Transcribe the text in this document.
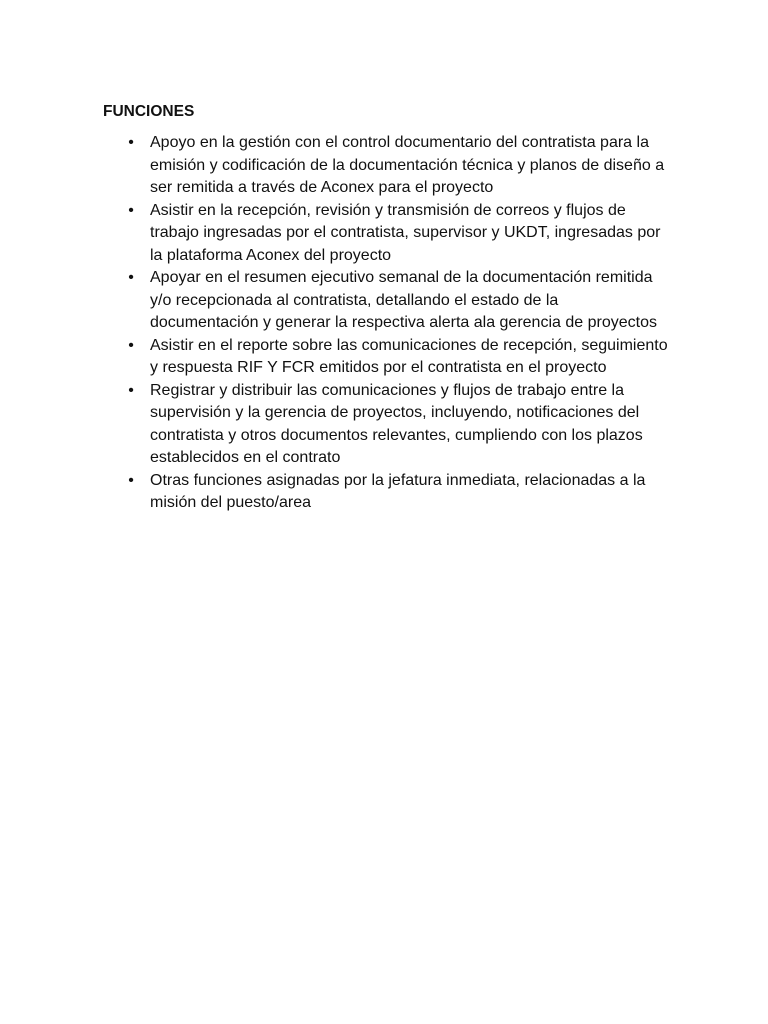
FUNCIONES
• Apoyo en la gestión con el control documentario del contratista para la emisión y codificación de la documentación técnica y planos de diseño a ser remitida a través de Aconex para el proyecto
• Asistir en la recepción, revisión y transmisión de correos y flujos de trabajo ingresadas por el contratista, supervisor y UKDT, ingresadas por la plataforma Aconex del proyecto
• Apoyar en el resumen ejecutivo semanal de la documentación remitida y/o recepcionada al contratista, detallando el estado de la documentación y generar la respectiva alerta ala gerencia de proyectos
• Asistir en el reporte sobre las comunicaciones de recepción, seguimiento y respuesta RIF Y FCR emitidos por el contratista en el proyecto
• Registrar y distribuir las comunicaciones y flujos de trabajo entre la supervisión y la gerencia de proyectos, incluyendo, notificaciones del contratista y otros documentos relevantes, cumpliendo con los plazos establecidos en el contrato
• Otras funciones asignadas por la jefatura inmediata, relacionadas a la misión del puesto/area
